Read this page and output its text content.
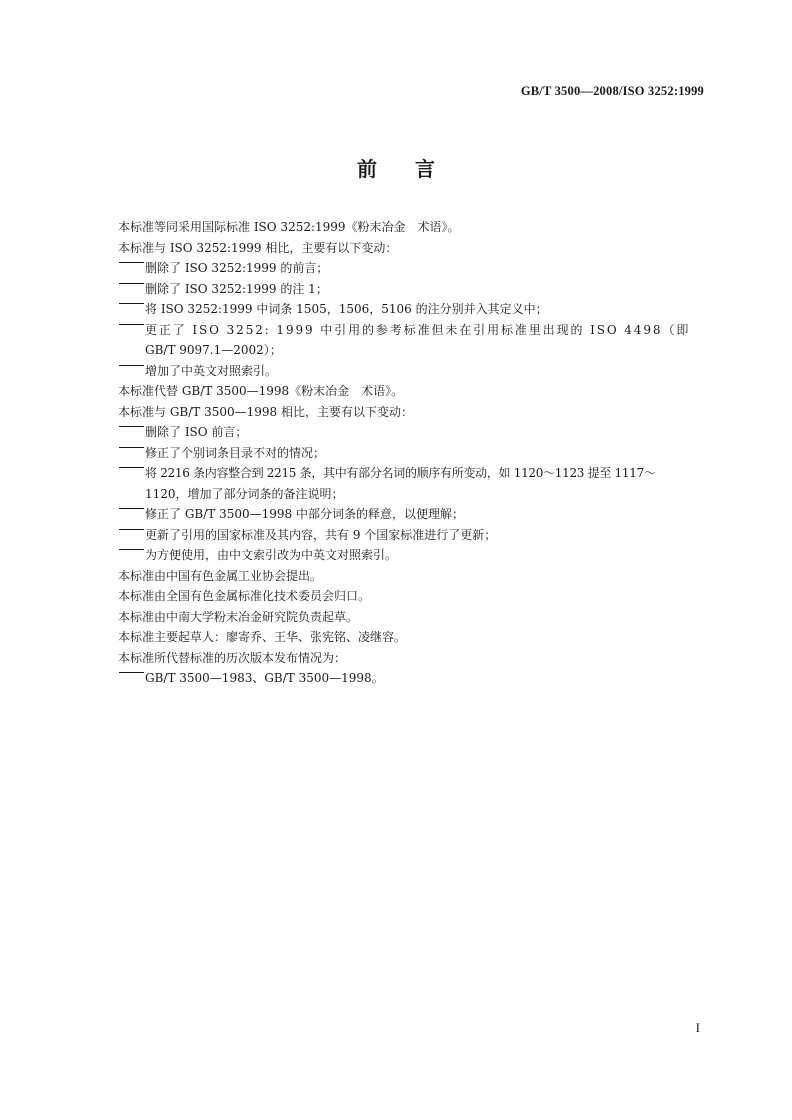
GB/T 3500—2008/ISO 3252:1999
前 言
本标准等同采用国际标准 ISO 3252:1999《粉末冶金　术语》。
本标准与 ISO 3252:1999 相比，主要有以下变动：
删除了 ISO 3252:1999 的前言；
删除了 ISO 3252:1999 的注 1；
将 ISO 3252:1999 中词条 1505，1506，5106 的注分别并入其定义中；
更正了 ISO 3252: 1999 中引用的参考标准但未在引用标准里出现的 ISO 4498（即
GB/T 9097.1—2002）；
增加了中英文对照索引。
本标准代替 GB/T 3500—1998《粉末冶金　术语》。
本标准与 GB/T 3500—1998 相比，主要有以下变动：
删除了 ISO 前言；
修正了个别词条目录不对的情况；
将 2216 条内容整合到 2215 条，其中有部分名词的顺序有所变动，如 1120～1123 提至 1117～
1120，增加了部分词条的备注说明；
修正了 GB/T 3500—1998 中部分词条的释意，以便理解；
更新了引用的国家标准及其内容，共有 9 个国家标准进行了更新；
为方便使用，由中文索引改为中英文对照索引。
本标准由中国有色金属工业协会提出。
本标准由全国有色金属标准化技术委员会归口。
本标准由中南大学粉末冶金研究院负责起草。
本标准主要起草人：廖寄乔、王华、张宪铭、凌继容。
本标准所代替标准的历次版本发布情况为：
GB/T 3500—1983、GB/T 3500—1998。
I
